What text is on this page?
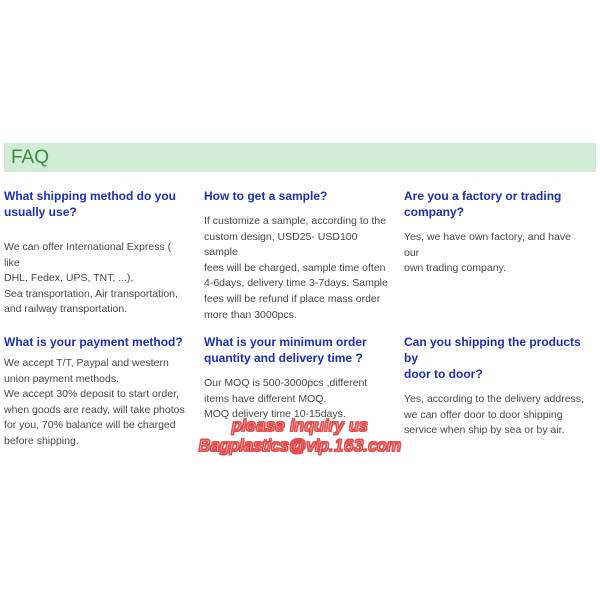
FAQ
What shipping method do you
usually use?
We can offer International Express ( like
DHL, Fedex, UPS, TNT, ...),
Sea transportation, Air transportation,
and railway transportation.
How to get a sample?
If customize a sample, according to the
custom design, USD25- USD100 sample
fees will be charged, sample time often
4-6days, delivery time 3-7days. Sample
fees will be refund if place mass order
more than 3000pcs.
Are you a factory or trading
company?
Yes, we have own factory, and have our
own trading company.
What is your payment method?
We accept T/T, Paypal and western
union payment methods.
We accept 30% deposit to start order,
when goods are ready, will take photos
for you, 70% balance will be charged
before shipping.
What is your minimum order
quantity and delivery time ?
Our MOQ is 500-3000pcs ,different
items have different MOQ.
MOQ delivery time 10-15days.
Can you shipping the products by
door to door?
Yes, according to the delivery address,
we can offer door to door shipping
service when ship by sea or by air.
please inquiry us
Bagplastics@vip.163.com
